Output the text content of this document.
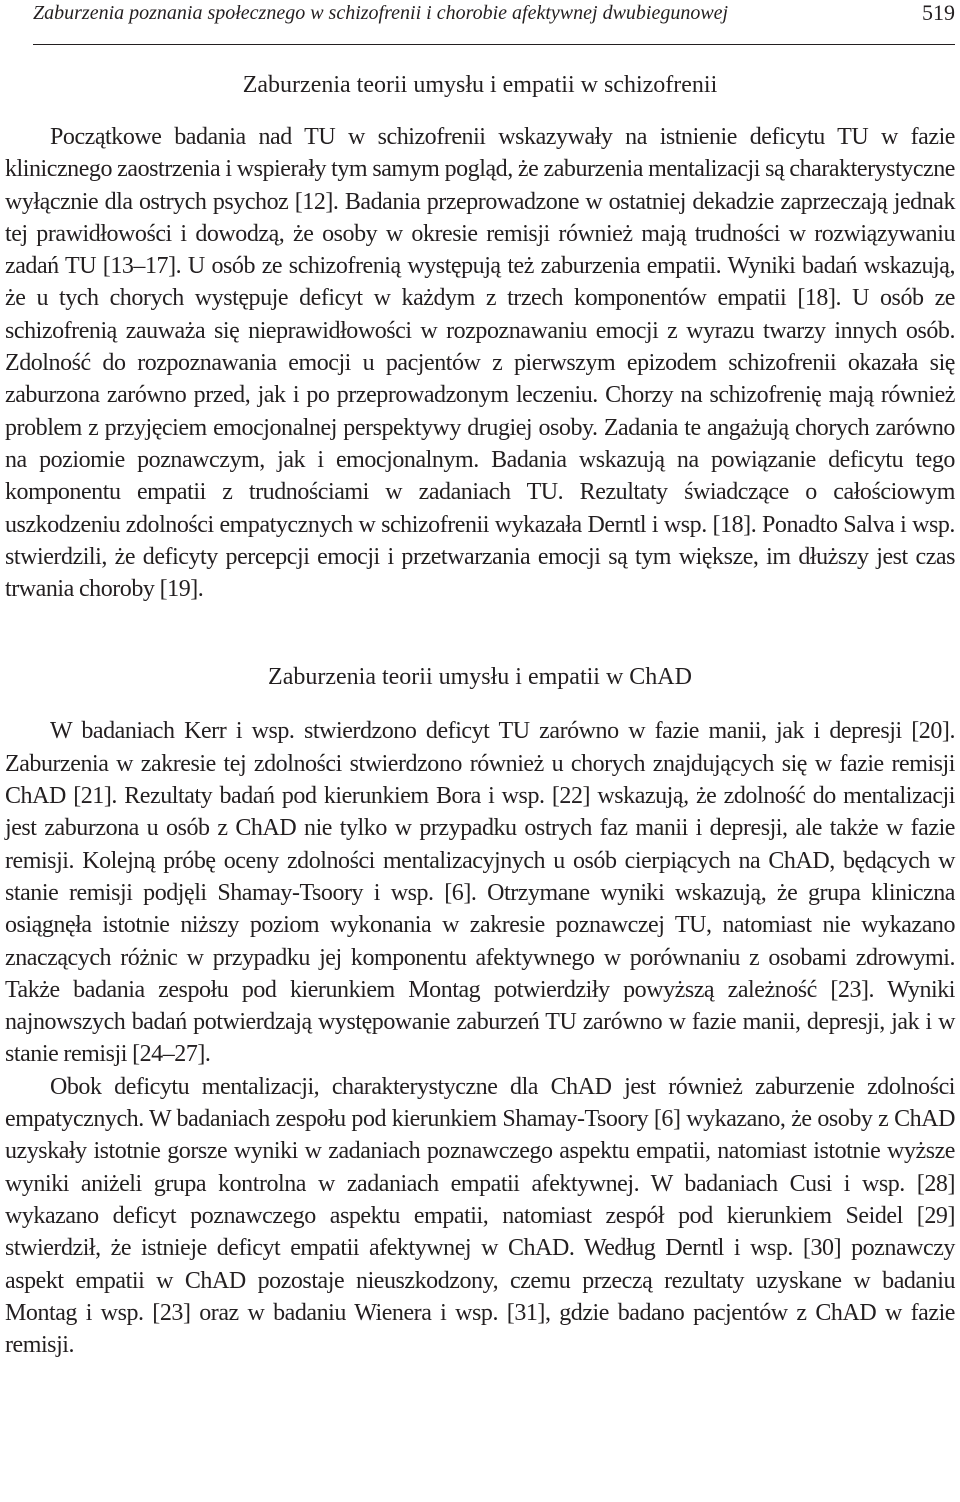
Zaburzenia poznania społecznego w schizofrenii i chorobie afektywnej dwubiegunowej	519
Zaburzenia teorii umysłu i empatii w schizofrenii

Początkowe badania nad TU w schizofrenii wskazywały na istnienie deficytu TU w fazie klinicznego zaostrzenia i wspierały tym samym pogląd, że zaburzenia mentalizacji są charakterystyczne wyłącznie dla ostrych psychoz [12]. Badania przeprowadzone w ostatniej dekadzie zaprzeczają jednak tej prawidłowości i dowodzą, że osoby w okresie remisji również mają trudności w rozwiązywaniu zadań TU [13–17]. U osób ze schizofrenią występują też zaburzenia empatii. Wyniki badań wskazują, że u tych chorych występuje deficyt w każdym z trzech komponentów empatii [18]. U osób ze schizofrenią zauważa się nieprawidłowości w rozpoznawaniu emocji z wyrazu twarzy innych osób. Zdolność do rozpoznawania emocji u pacjentów z pierwszym epizodem schizofrenii okazała się zaburzona zarówno przed, jak i po przeprowadzonym leczeniu. Chorzy na schizofrenię mają również problem z przyjęciem emocjonalnej perspektywy drugiej osoby. Zadania te angażują chorych zarówno na poziomie poznawczym, jak i emocjonalnym. Badania wskazują na powiązanie deficytu tego komponentu empatii z trudnościami w zadaniach TU. Rezultaty świadczące o całościowym uszkodzeniu zdolności empatycznych w schizofrenii wykazała Derntl i wsp. [18]. Ponadto Salva i wsp. stwierdzili, że deficyty percepcji emocji i przetwarzania emocji są tym większe, im dłuższy jest czas trwania choroby [19].

Zaburzenia teorii umysłu i empatii w ChAD

W badaniach Kerr i wsp. stwierdzono deficyt TU zarówno w fazie manii, jak i depresji [20]. Zaburzenia w zakresie tej zdolności stwierdzono również u chorych znajdujących się w fazie remisji ChAD [21]. Rezultaty badań pod kierunkiem Bora i wsp. [22] wskazują, że zdolność do mentalizacji jest zaburzona u osób z ChAD nie tylko w przypadku ostrych faz manii i depresji, ale także w fazie remisji. Kolejną próbę oceny zdolności mentalizacyjnych u osób cierpiących na ChAD, będących w stanie remisji podjęli Shamay-Tsoory i wsp. [6]. Otrzymane wyniki wskazują, że grupa kliniczna osiągnęła istotnie niższy poziom wykonania w zakresie poznawczej TU, natomiast nie wykazano znaczących różnic w przypadku jej komponentu afektywnego w porównaniu z osobami zdrowymi. Także badania zespołu pod kierunkiem Montag potwierdziły powyższą zależność [23]. Wyniki najnowszych badań potwierdzają występowanie zaburzeń TU zarówno w fazie manii, depresji, jak i w stanie remisji [24–27].

Obok deficytu mentalizacji, charakterystyczne dla ChAD jest również zaburzenie zdolności empatycznych. W badaniach zespołu pod kierunkiem Shamay-Tsoory [6] wykazano, że osoby z ChAD uzyskały istotnie gorsze wyniki w zadaniach poznawczego aspektu empatii, natomiast istotnie wyższe wyniki aniżeli grupa kontrolna w zadaniach empatii afektywnej. W badaniach Cusi i wsp. [28] wykazano deficyt poznawczego aspektu empatii, natomiast zespół pod kierunkiem Seidel [29] stwierdził, że istnieje deficyt empatii afektywnej w ChAD. Według Derntl i wsp. [30] poznawczy aspekt empatii w ChAD pozostaje nieuszkodzony, czemu przeczą rezultaty uzyskane w badaniu Montag i wsp. [23] oraz w badaniu Wienera i wsp. [31], gdzie badano pacjentów z ChAD w fazie remisji.
